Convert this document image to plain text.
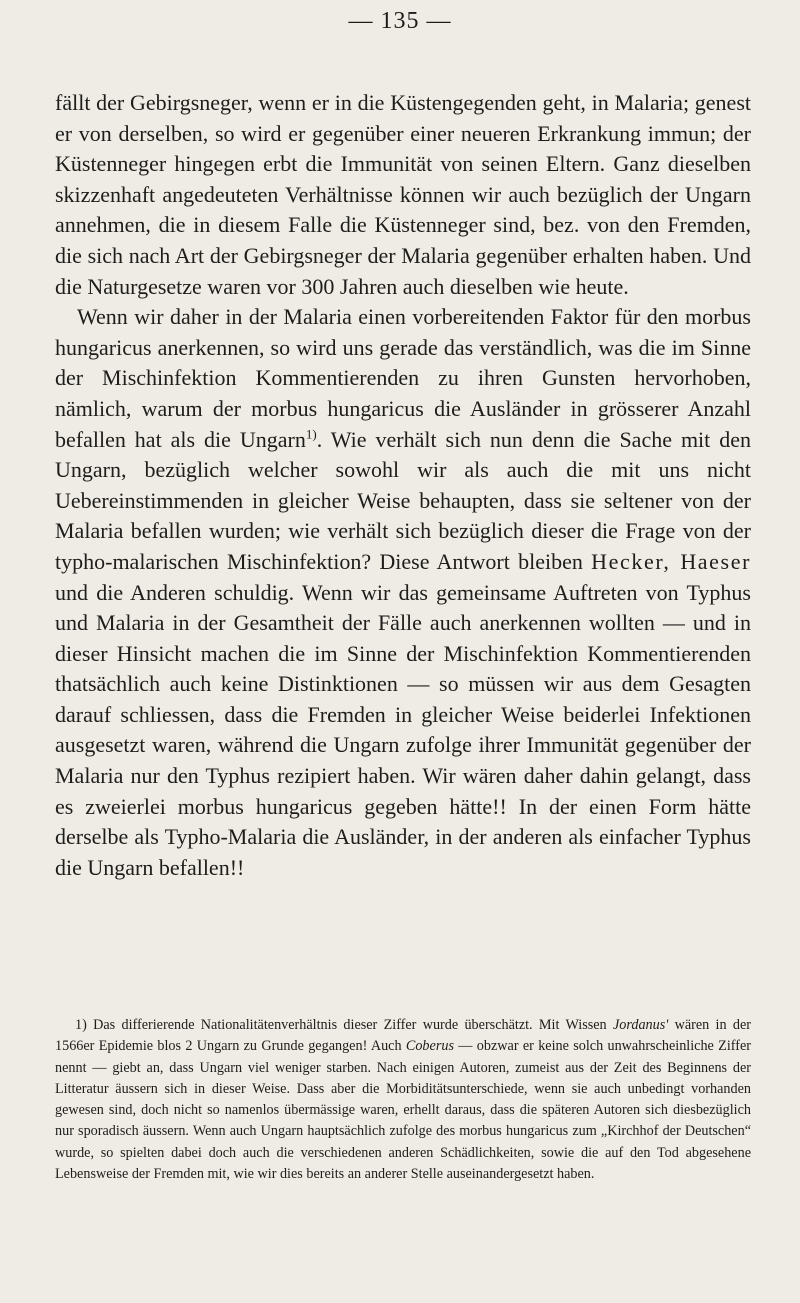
— 135 —

fällt der Gebirgsneger, wenn er in die Küstengegenden geht, in Malaria; genest er von derselben, so wird er gegenüber einer neueren Erkrankung immun; der Küstenneger hingegen erbt die Immunität von seinen Eltern. Ganz dieselben skizzenhaft angedeuteten Verhältnisse können wir auch bezüglich der Ungarn annehmen, die in diesem Falle die Küstenneger sind, bez. von den Fremden, die sich nach Art der Gebirgsneger der Malaria gegenüber erhalten haben. Und die Naturgesetze waren vor 300 Jahren auch dieselben wie heute.

Wenn wir daher in der Malaria einen vorbereitenden Faktor für den morbus hungaricus anerkennen, so wird uns gerade das verständlich, was die im Sinne der Mischinfektion Kommentierenden zu ihren Gunsten hervorhoben, nämlich, warum der morbus hungaricus die Ausländer in grösserer Anzahl befallen hat als die Ungarn$^{1)}$. Wie verhält sich nun denn die Sache mit den Ungarn, bezüglich welcher sowohl wir als auch die mit uns nicht Uebereinstimmenden in gleicher Weise behaupten, dass sie seltener von der Malaria befallen wurden; wie verhält sich bezüglich dieser die Frage von der typho-malarischen Mischinfektion? Diese Antwort bleiben Hecker, Haeser und die Anderen schuldig. Wenn wir das gemeinsame Auftreten von Typhus und Malaria in der Gesamtheit der Fälle auch anerkennen wollten — und in dieser Hinsicht machen die im Sinne der Mischinfektion Kommentierenden thatsächlich auch keine Distinktionen — so müssen wir aus dem Gesagten darauf schliessen, dass die Fremden in gleicher Weise beiderlei Infektionen ausgesetzt waren, während die Ungarn zufolge ihrer Immunität gegenüber der Malaria nur den Typhus rezipiert haben. Wir wären daher dahin gelangt, dass es zweierlei morbus hungaricus gegeben hätte!! In der einen Form hätte derselbe als Typho-Malaria die Ausländer, in der anderen als einfacher Typhus die Ungarn befallen!!

1) Das differierende Nationalitätenverhältnis dieser Ziffer wurde überschätzt. Mit Wissen Jordanus' wären in der 1566er Epidemie blos 2 Ungarn zu Grunde gegangen! Auch Coberus — obzwar er keine solch unwahrscheinliche Ziffer nennt — giebt an, dass Ungarn viel weniger starben. Nach einigen Autoren, zumeist aus der Zeit des Beginnens der Litteratur äussern sich in dieser Weise. Dass aber die Morbiditätsunterschiede, wenn sie auch unbedingt vorhanden gewesen sind, doch nicht so namenlos übermässige waren, erhellt daraus, dass die späteren Autoren sich diesbezüglich nur sporadisch äussern. Wenn auch Ungarn hauptsächlich zufolge des morbus hungaricus zum „Kirchhof der Deutschen“ wurde, so spielten dabei doch auch die verschiedenen anderen Schädlichkeiten, sowie die auf den Tod abgesehene Lebensweise der Fremden mit, wie wir dies bereits an anderer Stelle auseinandergesetzt haben.
